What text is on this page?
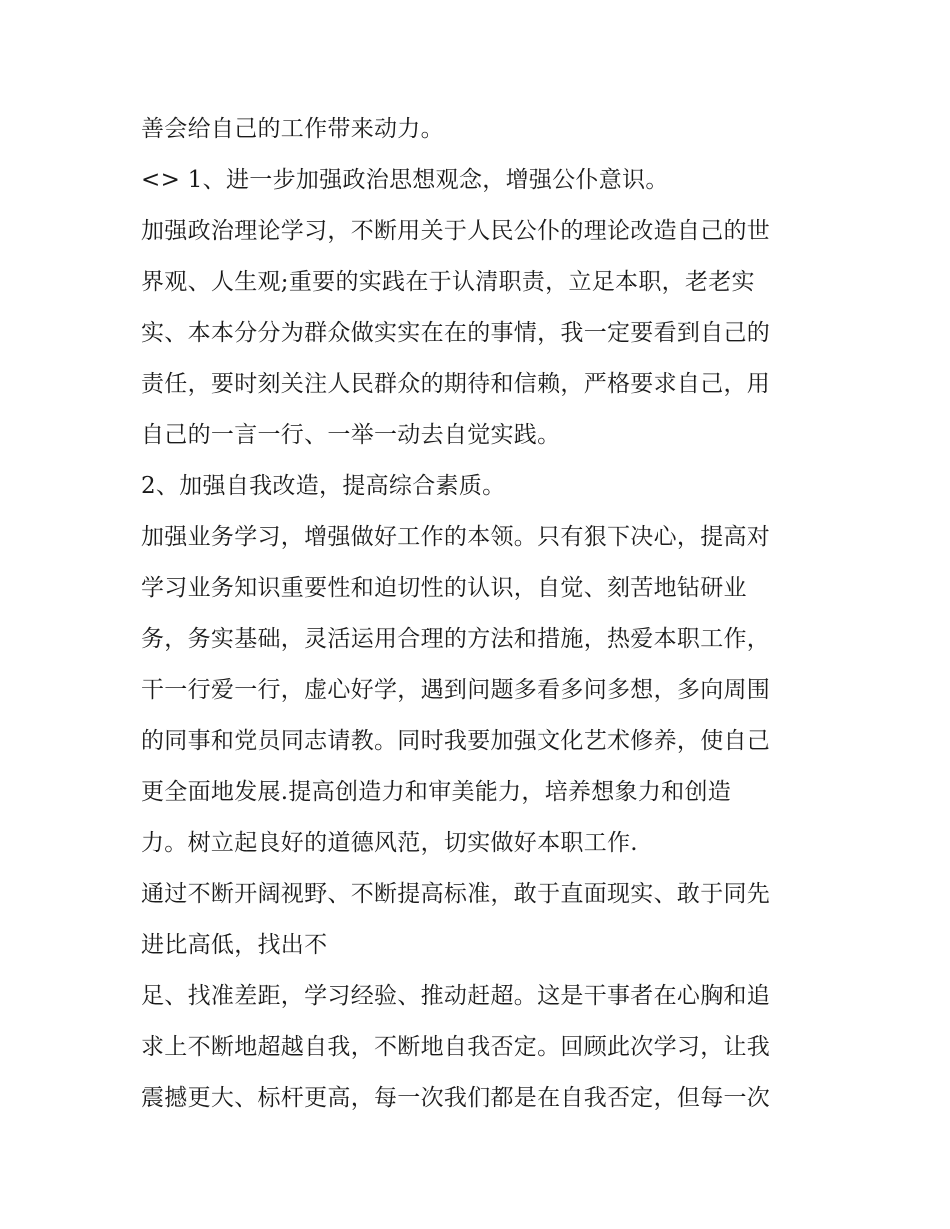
善会给自己的工作带来动力。

<> 1、进一步加强政治思想观念，增强公仆意识。

加强政治理论学习，不断用关于人民公仆的理论改造自己的世

界观、人生观;重要的实践在于认清职责，立足本职，老老实

实、本本分分为群众做实实在在的事情，我一定要看到自己的

责任，要时刻关注人民群众的期待和信赖，严格要求自己，用

自己的一言一行、一举一动去自觉实践。

2、加强自我改造，提高综合素质。

加强业务学习，增强做好工作的本领。只有狠下决心，提高对

学习业务知识重要性和迫切性的认识，自觉、刻苦地钻研业

务，务实基础，灵活运用合理的方法和措施，热爱本职工作，

干一行爱一行，虚心好学，遇到问题多看多问多想，多向周围

的同事和党员同志请教。同时我要加强文化艺术修养，使自己

更全面地发展.提高创造力和审美能力，培养想象力和创造

力。树立起良好的道德风范，切实做好本职工作.

通过不断开阔视野、不断提高标准，敢于直面现实、敢于同先

进比高低，找出不

足、找准差距，学习经验、推动赶超。这是干事者在心胸和追

求上不断地超越自我，不断地自我否定。回顾此次学习，让我

震撼更大、标杆更高，每一次我们都是在自我否定，但每一次
